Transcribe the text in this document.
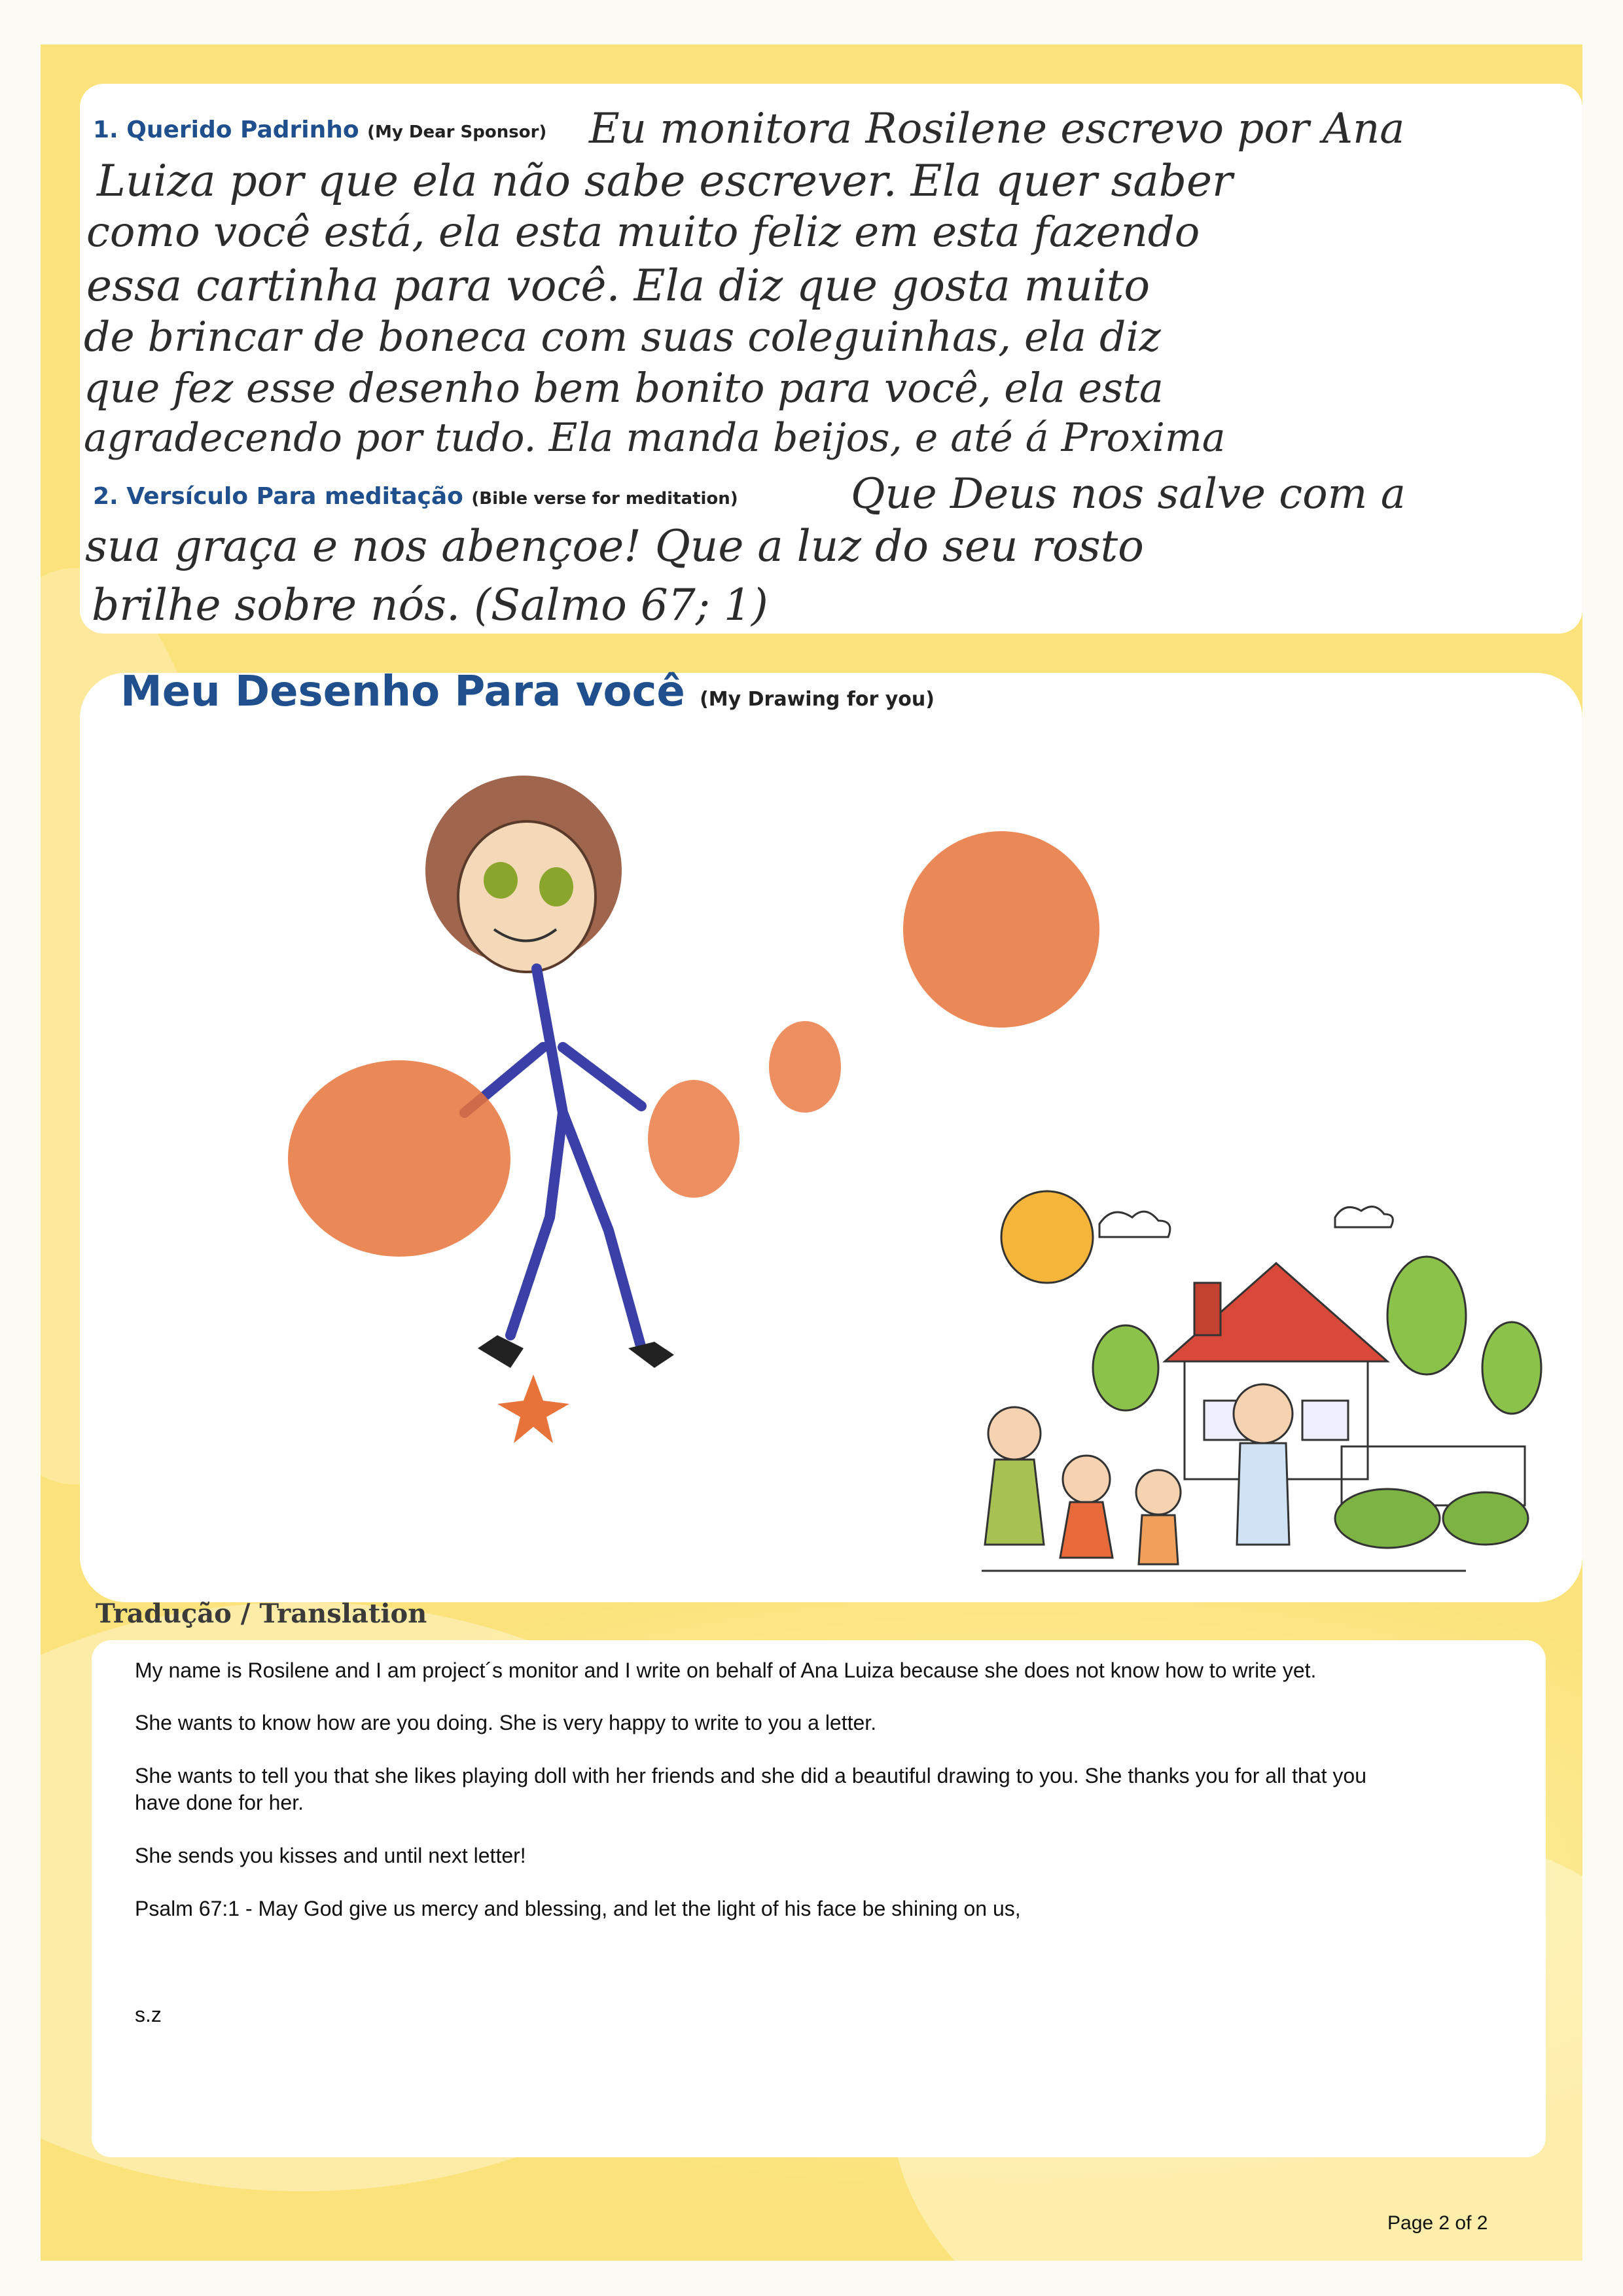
1. Querido Padrinho (My Dear Sponsor) Eu monitora Rosilene escrevo por Ana
Luiza por que ela não sabe escrever. Ela quer saber
como você está, ela esta muito feliz em esta fazendo
essa cartinha para você. Ela diz que gosta muito
de brincar de boneca com suas coleguinhas, ela diz
que fez esse desenho bem bonito para você, ela esta
agradecendo por tudo. Ela manda beijos, e até á Proxima
2. Versículo Para meditação (Bible verse for meditation)	Que Deus nos salve com a
sua graça e nos abençoe! Que a luz do seu rosto
brilhe sobre nós. (Salmo 67; 1)
Meu Desenho Para você (My Drawing for you)
Tradução / Translation
My name is Rosilene and I am project´s monitor and I write on behalf of Ana Luiza because she does not know how to write yet.
She wants to know how are you doing. She is very happy to write to you a letter.
She wants to tell you that she likes playing doll with her friends and she did a beautiful drawing to you. She thanks you for all that you
have done for her.
She sends you kisses and until next letter!
Psalm 67:1 - May God give us mercy and blessing, and let the light of his face be shining on us,
s.z
Page 2 of 2
